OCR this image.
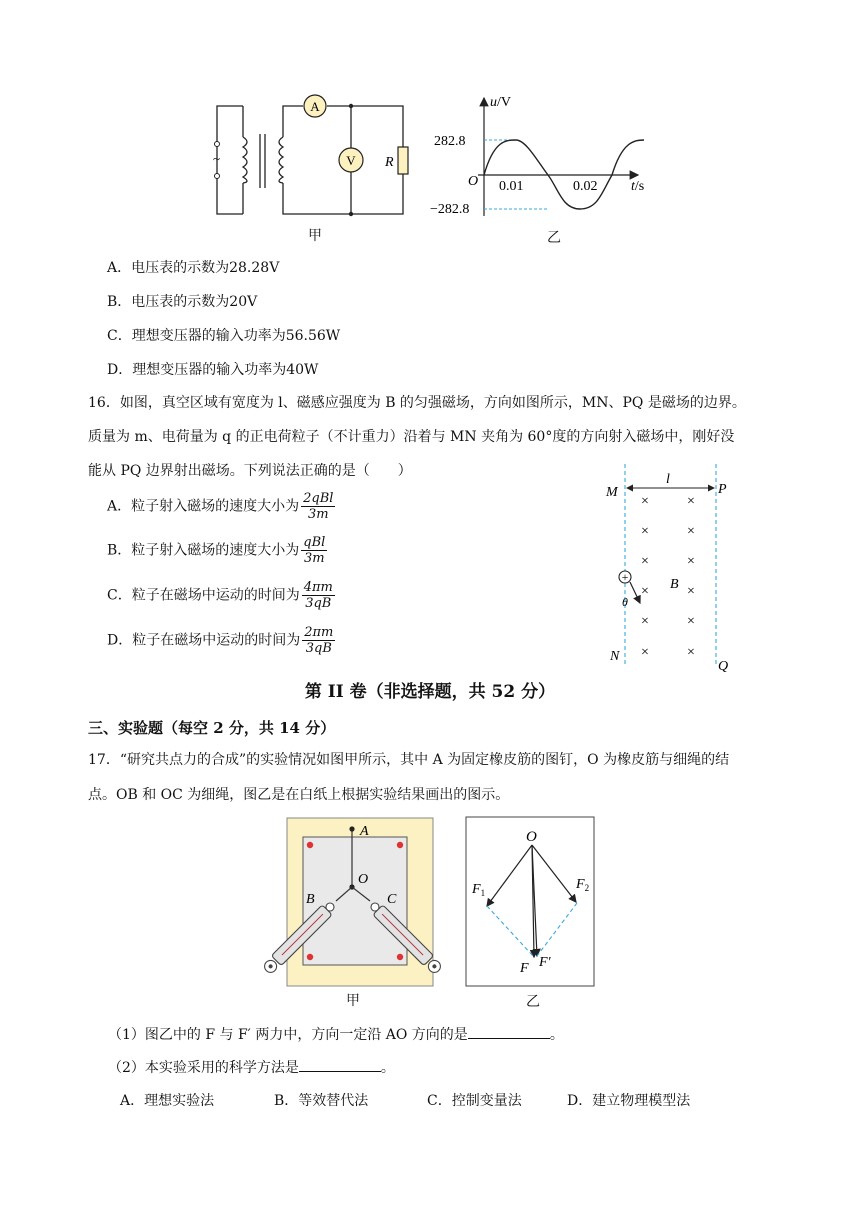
~
A
V R
甲
u/V
282.8
−282.8
O 0.01	0.02 t/s
乙
A．电压表的示数为28.28V
B．电压表的示数为20V
C．理想变压器的输入功率为56.56W
D．理想变压器的输入功率为40W
16．如图，真空区域有宽度为 l、磁感应强度为 B 的匀强磁场，方向如图所示，MN、PQ 是磁场的边界。
质量为 m、电荷量为 q 的正电荷粒子（不计重力）沿着与 MN 夹角为 60°度的方向射入磁场中，刚好没
能从 PQ 边界射出磁场。下列说法正确的是（　　）
A．粒子射入磁场的速度大小为 $\frac{\text{2qBl}}{3m}$
B．粒子射入磁场的速度大小为 $\frac{\text{qBl}}{3m}$
C．粒子在磁场中运动的时间为 $\frac{4\pi m}{3qB}$
D．粒子在磁场中运动的时间为 $\frac{2\pi m}{3qB}$
l
M	P
N
Q
B
×	×
×	×
×	×
×	×
×	×
×	×
+
θ
第 II 卷（非选择题，共 52 分）
三、实验题（每空 2 分，共 14 分）
17．“研究共点力的合成”的实验情况如图甲所示，其中 A 为固定橡皮筋的图钉，O 为橡皮筋与细绳的结
点。OB 和 OC 为细绳，图乙是在白纸上根据实验结果画出的图示。
A
O
B	C
甲
O
$F_1$
$F_2$
F F′
乙
（1）图乙中的 F 与 F′ 两力中，方向一定沿 AO 方向的是	。
（2）本实验采用的科学方法是	。
A．理想实验法	B．等效替代法	C．控制变量法	D．建立物理模型法
